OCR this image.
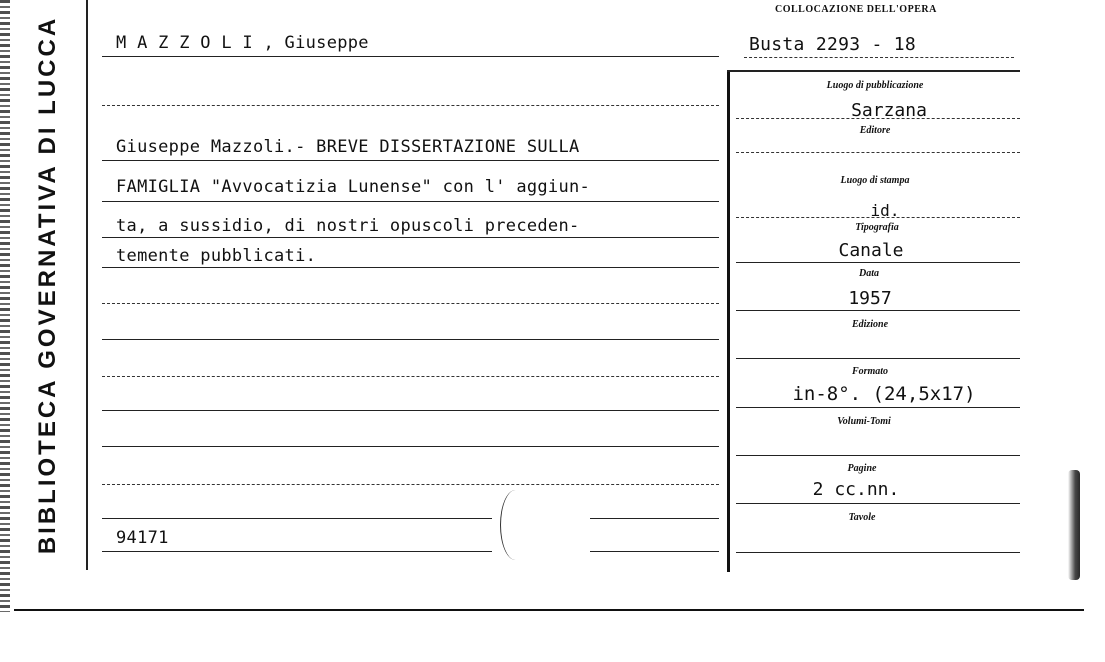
BIBLIOTECA GOVERNATIVA DI LUCCA
COLLOCAZIONE DELL'OPERA
M A Z Z O L I , Giuseppe	Busta 2293 - 18
Giuseppe Mazzoli.- BREVE DISSERTAZIONE SULLA
FAMIGLIA "Avvocatizia Lunense" con l' aggiun-
ta, a sussidio, di nostri opuscoli preceden-
temente pubblicati.
94171
Luogo di pubblicazione
Sarzana
Editore
Luogo di stampa
id.
Tipografia
Canale
Data
1957
Edizione
Formato
in-8°. (24,5x17)
Volumi-Tomi
Pagine
2 cc.nn.
Tavole
